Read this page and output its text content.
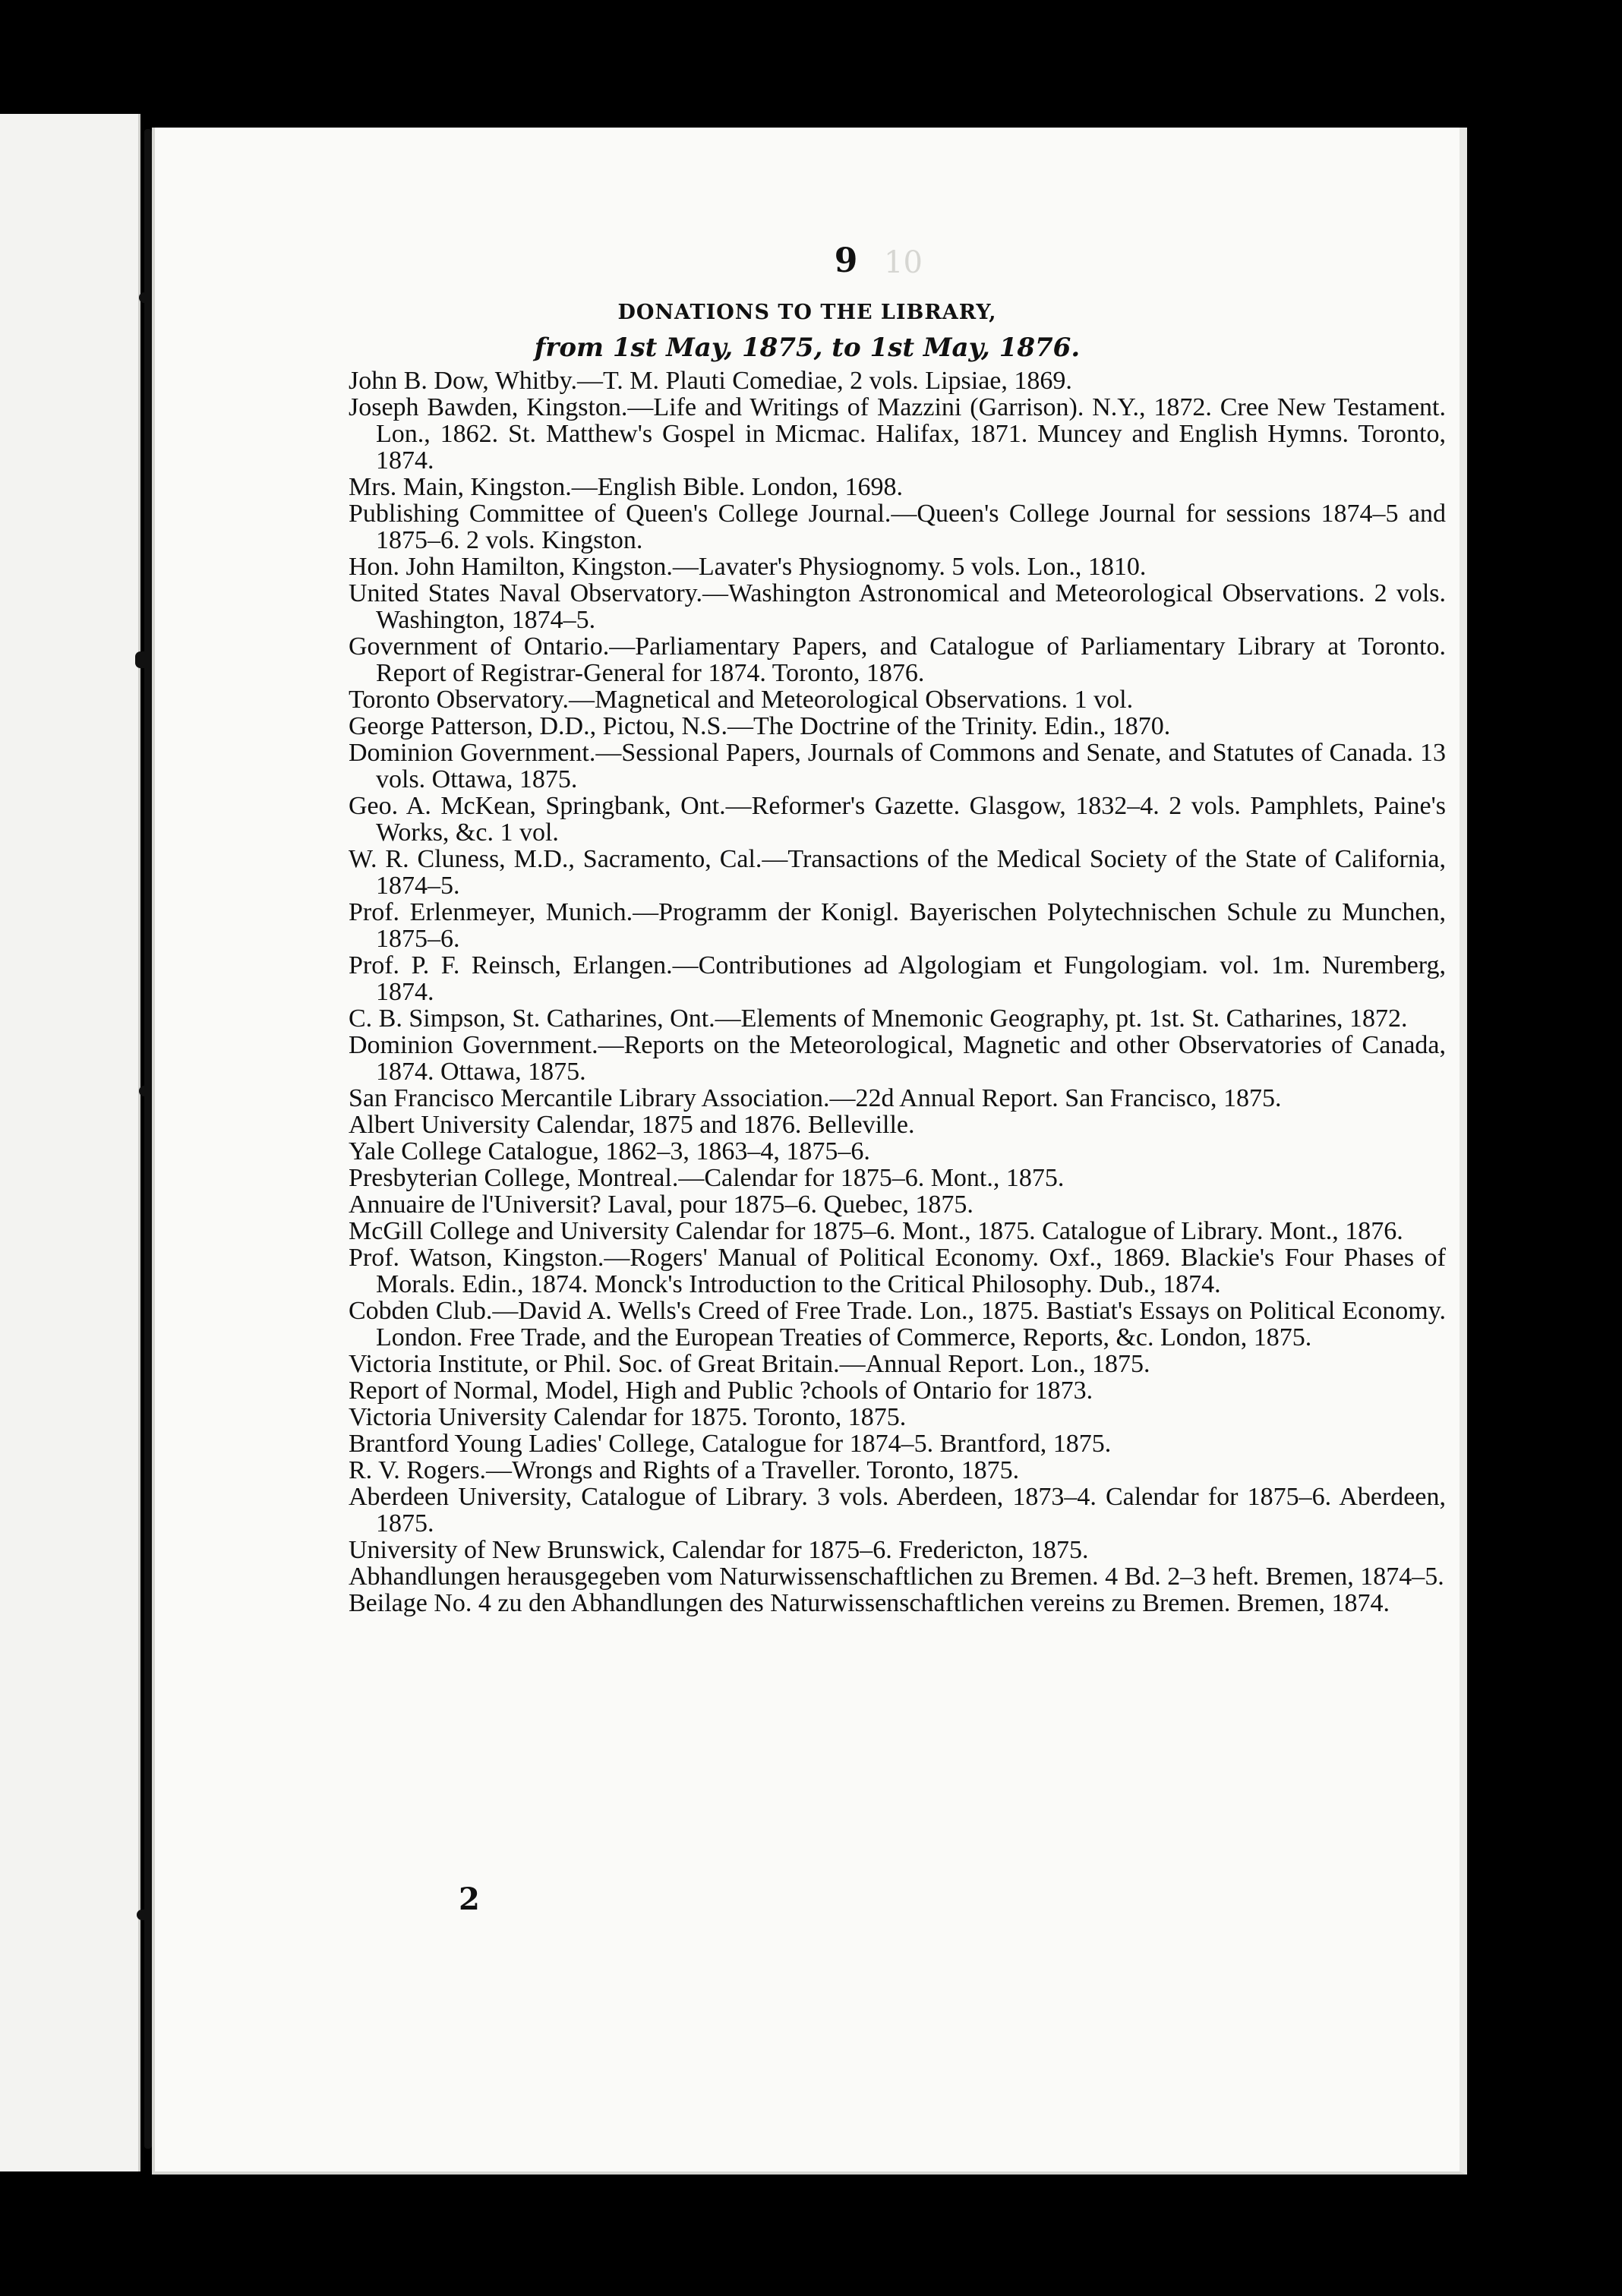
9 10
DONATIONS TO THE LIBRARY,
from 1st May, 1875, to 1st May, 1876.
John B. Dow, Whitby.—T. M. Plauti Comediae, 2 vols. Lipsiae, 1869.
Joseph Bawden, Kingston.—Life and Writings of Mazzini (Garrison). N.Y., 1872. Cree New Testament. Lon., 1862. St. Matthew's Gospel in Micmac. Halifax, 1871. Muncey and English Hymns. Toronto, 1874.
Mrs. Main, Kingston.—English Bible. London, 1698.
Publishing Committee of Queen's College Journal.—Queen's College Journal for sessions 1874–5 and 1875–6. 2 vols. Kingston.
Hon. John Hamilton, Kingston.—Lavater's Physiognomy. 5 vols. Lon., 1810.
United States Naval Observatory.—Washington Astronomical and Meteorological Observations. 2 vols. Washington, 1874–5.
Government of Ontario.—Parliamentary Papers, and Catalogue of Parliamentary Library at Toronto. Report of Registrar-General for 1874. Toronto, 1876.
Toronto Observatory.—Magnetical and Meteorological Observations. 1 vol.
George Patterson, D.D., Pictou, N.S.—The Doctrine of the Trinity. Edin., 1870.
Dominion Government.—Sessional Papers, Journals of Commons and Senate, and Statutes of Canada. 13 vols. Ottawa, 1875.
Geo. A. McKean, Springbank, Ont.—Reformer's Gazette. Glasgow, 1832–4. 2 vols. Pamphlets, Paine's Works, &c. 1 vol.
W. R. Cluness, M.D., Sacramento, Cal.—Transactions of the Medical Society of the State of California, 1874–5.
Prof. Erlenmeyer, Munich.—Programm der Konigl. Bayerischen Polytechnischen Schule zu Munchen, 1875–6.
Prof. P. F. Reinsch, Erlangen.—Contributiones ad Algologiam et Fungologiam. vol. 1m. Nuremberg, 1874.
C. B. Simpson, St. Catharines, Ont.—Elements of Mnemonic Geography, pt. 1st. St. Catharines, 1872.
Dominion Government.—Reports on the Meteorological, Magnetic and other Observatories of Canada, 1874. Ottawa, 1875.
San Francisco Mercantile Library Association.—22d Annual Report. San Francisco, 1875.
Albert University Calendar, 1875 and 1876. Belleville.
Yale College Catalogue, 1862–3, 1863–4, 1875–6.
Presbyterian College, Montreal.—Calendar for 1875–6. Mont., 1875.
Annuaire de l'Universit? Laval, pour 1875–6. Quebec, 1875.
McGill College and University Calendar for 1875–6. Mont., 1875. Catalogue of Library. Mont., 1876.
Prof. Watson, Kingston.—Rogers' Manual of Political Economy. Oxf., 1869. Blackie's Four Phases of Morals. Edin., 1874. Monck's Introduction to the Critical Philosophy. Dub., 1874.
Cobden Club.—David A. Wells's Creed of Free Trade. Lon., 1875. Bastiat's Essays on Political Economy. London. Free Trade, and the European Treaties of Commerce, Reports, &c. London, 1875.
Victoria Institute, or Phil. Soc. of Great Britain.—Annual Report. Lon., 1875.
Report of Normal, Model, High and Public ?chools of Ontario for 1873.
Victoria University Calendar for 1875. Toronto, 1875.
Brantford Young Ladies' College, Catalogue for 1874–5. Brantford, 1875.
R. V. Rogers.—Wrongs and Rights of a Traveller. Toronto, 1875.
Aberdeen University, Catalogue of Library. 3 vols. Aberdeen, 1873–4. Calendar for 1875–6. Aberdeen, 1875.
University of New Brunswick, Calendar for 1875–6. Fredericton, 1875.
Abhandlungen herausgegeben vom Naturwissenschaftlichen zu Bremen. 4 Bd. 2–3 heft. Bremen, 1874–5.
Beilage No. 4 zu den Abhandlungen des Naturwissenschaftlichen vereins zu Bremen. Bremen, 1874.
2
